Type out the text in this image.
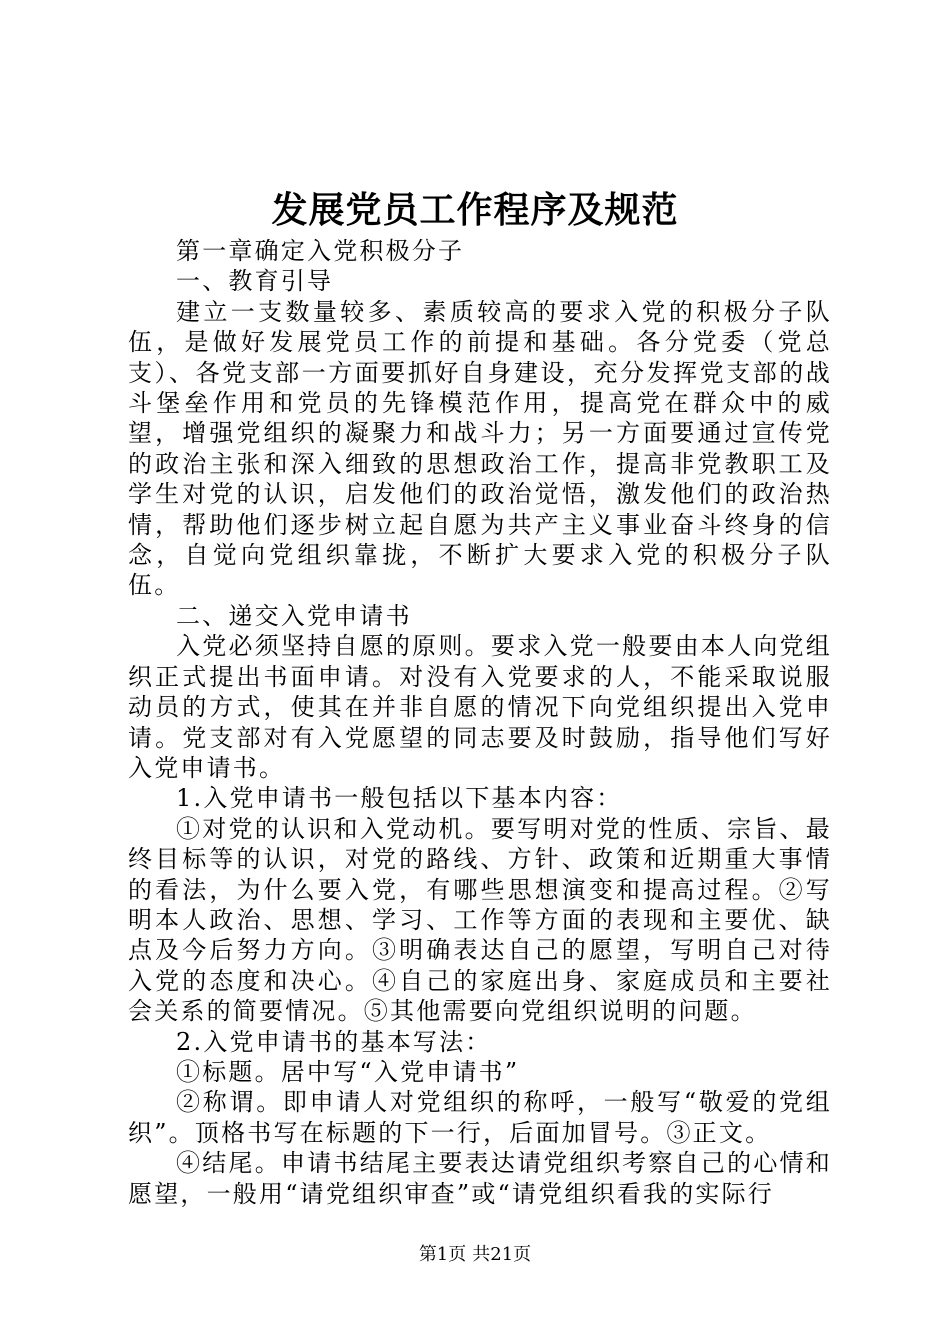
发展党员工作程序及规范

第一章确定入党积极分子

一、教育引导

建立一支数量较多、素质较高的要求入党的积极分子队伍，是做好发展党员工作的前提和基础。各分党委（党总支）、各党支部一方面要抓好自身建设，充分发挥党支部的战斗堡垒作用和党员的先锋模范作用，提高党在群众中的威望，增强党组织的凝聚力和战斗力；另一方面要通过宣传党的政治主张和深入细致的思想政治工作，提高非党教职工及学生对党的认识，启发他们的政治觉悟，激发他们的政治热情，帮助他们逐步树立起自愿为共产主义事业奋斗终身的信念，自觉向党组织靠拢，不断扩大要求入党的积极分子队伍。

二、递交入党申请书

入党必须坚持自愿的原则。要求入党一般要由本人向党组织正式提出书面申请。对没有入党要求的人，不能采取说服动员的方式，使其在并非自愿的情况下向党组织提出入党申请。党支部对有入党愿望的同志要及时鼓励，指导他们写好入党申请书。

1.入党申请书一般包括以下基本内容：

①对党的认识和入党动机。要写明对党的性质、宗旨、最终目标等的认识，对党的路线、方针、政策和近期重大事情的看法，为什么要入党，有哪些思想演变和提高过程。②写明本人政治、思想、学习、工作等方面的表现和主要优、缺点及今后努力方向。③明确表达自己的愿望，写明自己对待入党的态度和决心。④自己的家庭出身、家庭成员和主要社会关系的简要情况。⑤其他需要向党组织说明的问题。

2.入党申请书的基本写法：

①标题。居中写“入党申请书”

②称谓。即申请人对党组织的称呼，一般写“敬爱的党组织”。顶格书写在标题的下一行，后面加冒号。③正文。

④结尾。申请书结尾主要表达请党组织考察自己的心情和愿望，一般用“请党组织审查”或“请党组织看我的实际行

第1页 共21页
